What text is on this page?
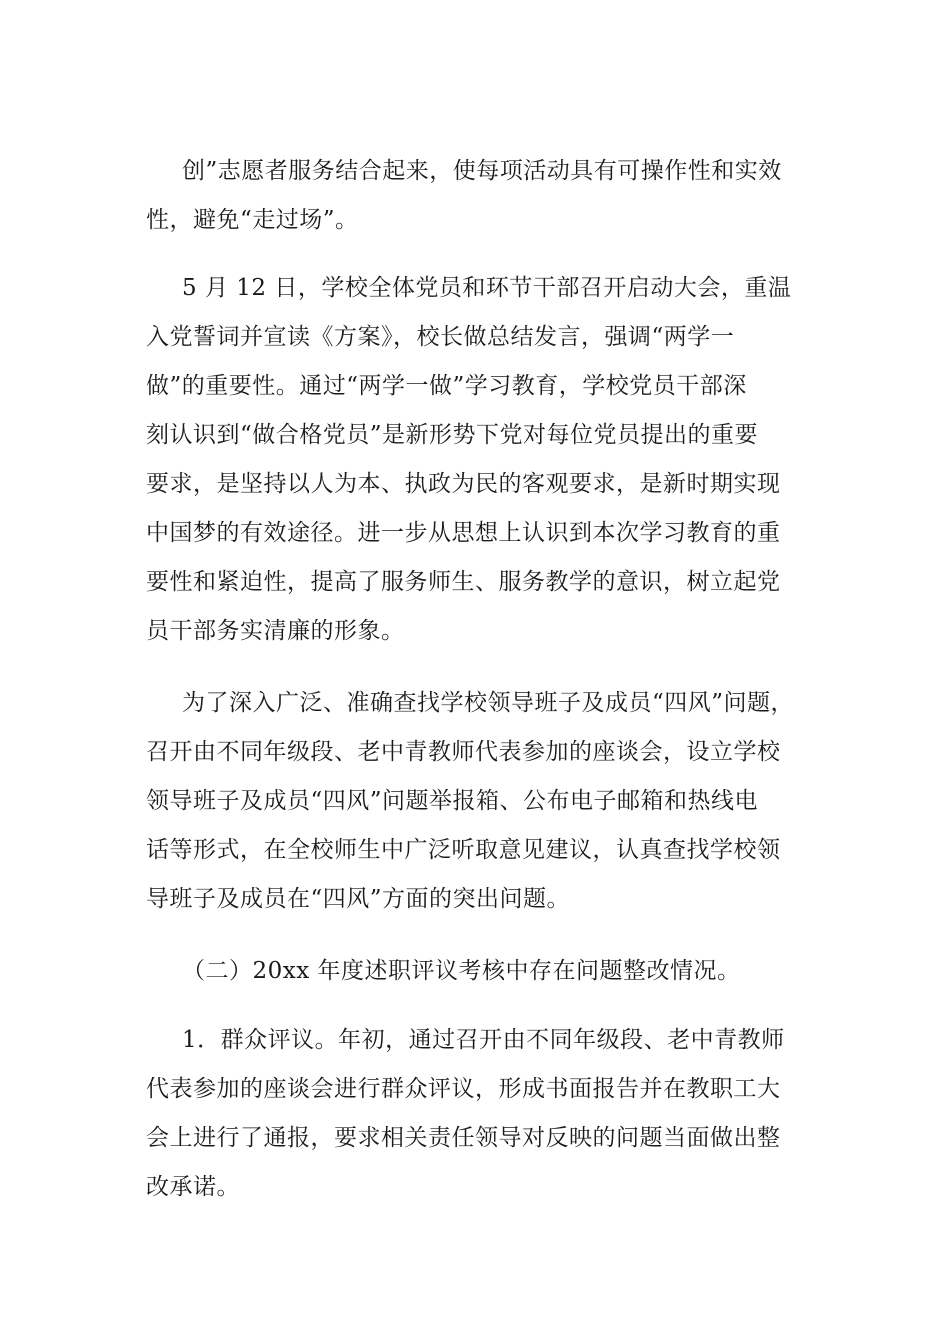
创”志愿者服务结合起来，使每项活动具有可操作性和实效
性，避免“走过场”。
5 月 12 日，学校全体党员和环节干部召开启动大会，重温
入党誓词并宣读《方案》，校长做总结发言，强调“两学一
做”的重要性。通过“两学一做”学习教育，学校党员干部深
刻认识到“做合格党员”是新形势下党对每位党员提出的重要
要求，是坚持以人为本、执政为民的客观要求，是新时期实现
中国梦的有效途径。进一步从思想上认识到本次学习教育的重
要性和紧迫性，提高了服务师生、服务教学的意识，树立起党
员干部务实清廉的形象。
为了深入广泛、准确查找学校领导班子及成员“四风”问题，
召开由不同年级段、老中青教师代表参加的座谈会，设立学校
领导班子及成员“四风”问题举报箱、公布电子邮箱和热线电
话等形式，在全校师生中广泛听取意见建议，认真查找学校领
导班子及成员在“四风”方面的突出问题。
（二）20xx 年度述职评议考核中存在问题整改情况。
1．群众评议。年初，通过召开由不同年级段、老中青教师
代表参加的座谈会进行群众评议，形成书面报告并在教职工大
会上进行了通报，要求相关责任领导对反映的问题当面做出整
改承诺。
